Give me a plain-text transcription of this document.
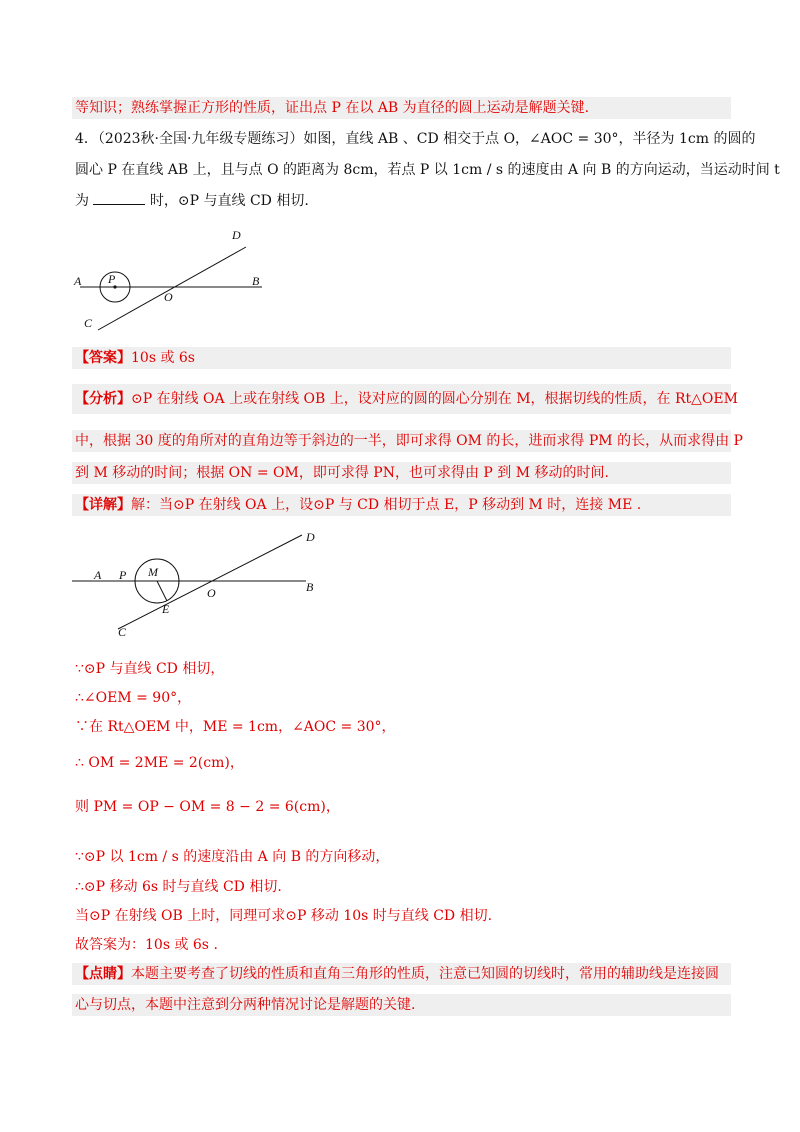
等知识；熟练掌握正方形的性质，证出点 P 在以 AB 为直径的圆上运动是解题关键.
4．（2023秋·全国·九年级专题练习）如图，直线 AB 、CD 相交于点 O，∠AOC = 30°，半径为 1cm 的圆的
圆心 P 在直线 AB 上，且与点 O 的距离为 8cm，若点 P 以 1cm / s 的速度由 A 向 B 的方向运动，当运动时间 t
为	时，⊙P 与直线 CD 相切.
A P
O
B
C
D
【答案】10s 或 6s
【分析】⊙P 在射线 OA 上或在射线 OB 上，设对应的圆的圆心分别在 M，根据切线的性质，在 Rt△OEM
中，根据 30 度的角所对的直角边等于斜边的一半，即可求得 OM 的长，进而求得 PM 的长，从而求得由 P
到 M 移动的时间；根据 ON = OM，即可求得 PN，也可求得由 P 到 M 移动的时间.
【详解】解：当⊙P 在射线 OA 上，设⊙P 与 CD 相切于点 E，P 移动到 M 时，连接 ME .
A P M
E
O	B
C
D
∵⊙P 与直线 CD 相切，
∴∠OEM = 90°，
∵在 Rt△OEM 中，ME = 1cm，∠AOC = 30°，
∴ OM = 2ME = 2(cm)，
则 PM = OP − OM = 8 − 2 = 6(cm)，
∵⊙P 以 1cm / s 的速度沿由 A 向 B 的方向移动，
∴⊙P 移动 6s 时与直线 CD 相切.
当⊙P 在射线 OB 上时，同理可求⊙P 移动 10s 时与直线 CD 相切.
故答案为：10s 或 6s .
【点睛】本题主要考查了切线的性质和直角三角形的性质，注意已知圆的切线时，常用的辅助线是连接圆
心与切点，本题中注意到分两种情况讨论是解题的关键.
